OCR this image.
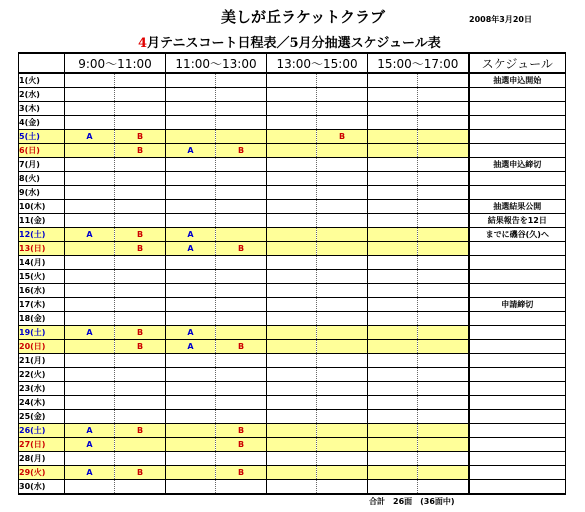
美しが丘ラケットクラブ	2008年3月20日
4月テニスコート日程表／5月分抽選スケジュール表
	9:00〜11:00		11:00〜13:00		13:00〜15:00		15:00〜17:00		スケジュール
1(火)									抽選申込開始
2(水)									
3(木)									
4(金)									
5(土)	A	B				B			
6(日)		B	A	B					
7(月)									抽選申込締切
8(火)									
9(水)									
10(木)									抽選結果公開
11(金)									結果報告を12日
12(土)	A	B	A						までに磯谷(久)へ
13(日)		B	A	B					
14(月)									
15(火)									
16(水)									
17(木)									申請締切
18(金)									
19(土)	A	B	A						
20(日)		B	A	B					
21(月)									
22(火)									
23(水)									
24(木)									
25(金)									
26(土)	A	B		B					
27(日)	A			B					
28(月)									
29(火)	A	B		B					
30(水)									
合計　26面　(36面中)
